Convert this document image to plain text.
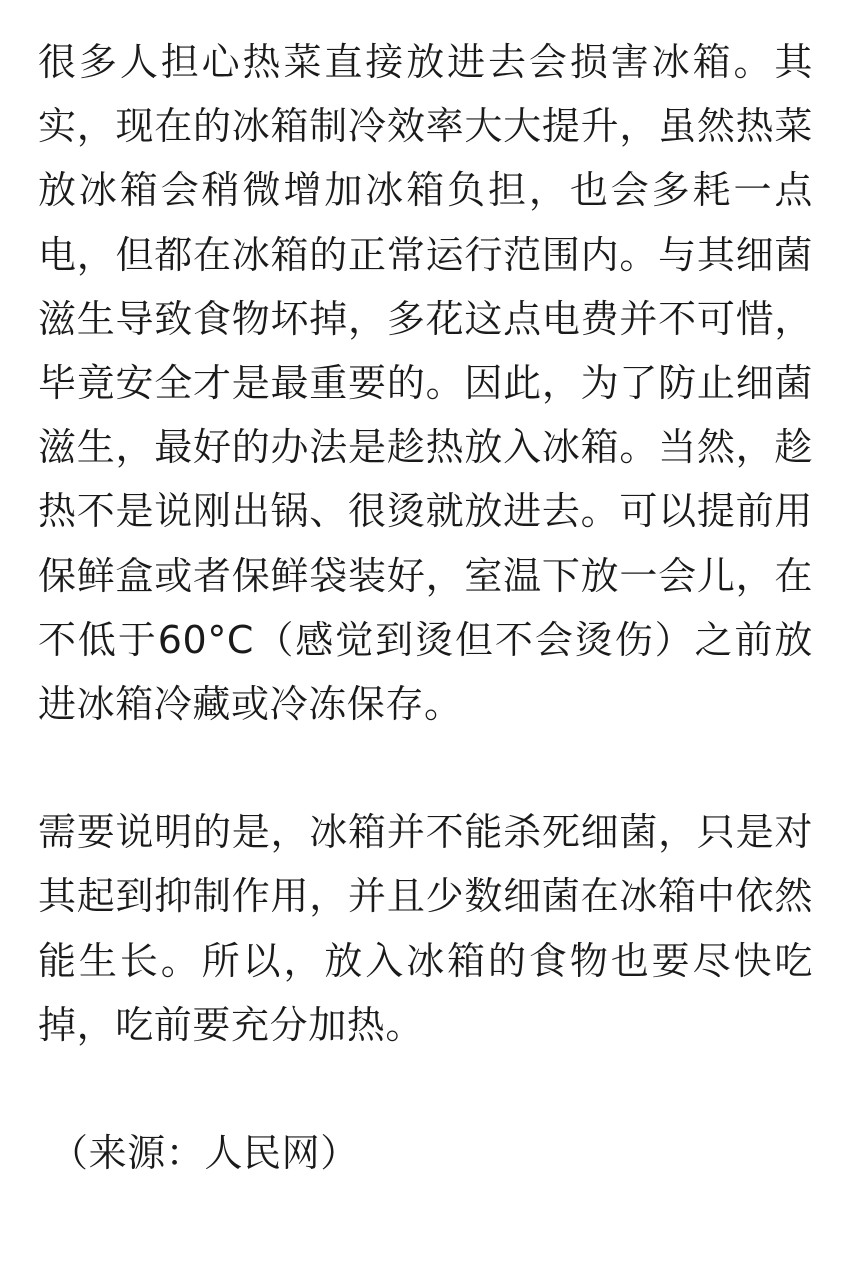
很多人担心热菜直接放进去会损害冰箱。其实，现在的冰箱制冷效率大大提升，虽然热菜放冰箱会稍微增加冰箱负担，也会多耗一点电，但都在冰箱的正常运行范围内。与其细菌滋生导致食物坏掉，多花这点电费并不可惜，毕竟安全才是最重要的。因此，为了防止细菌滋生，最好的办法是趁热放入冰箱。当然，趁热不是说刚出锅、很烫就放进去。可以提前用保鲜盒或者保鲜袋装好，室温下放一会儿，在不低于60°C（感觉到烫但不会烫伤）之前放进冰箱冷藏或冷冻保存。

需要说明的是，冰箱并不能杀死细菌，只是对其起到抑制作用，并且少数细菌在冰箱中依然能生长。所以，放入冰箱的食物也要尽快吃掉，吃前要充分加热。

（来源：人民网）
